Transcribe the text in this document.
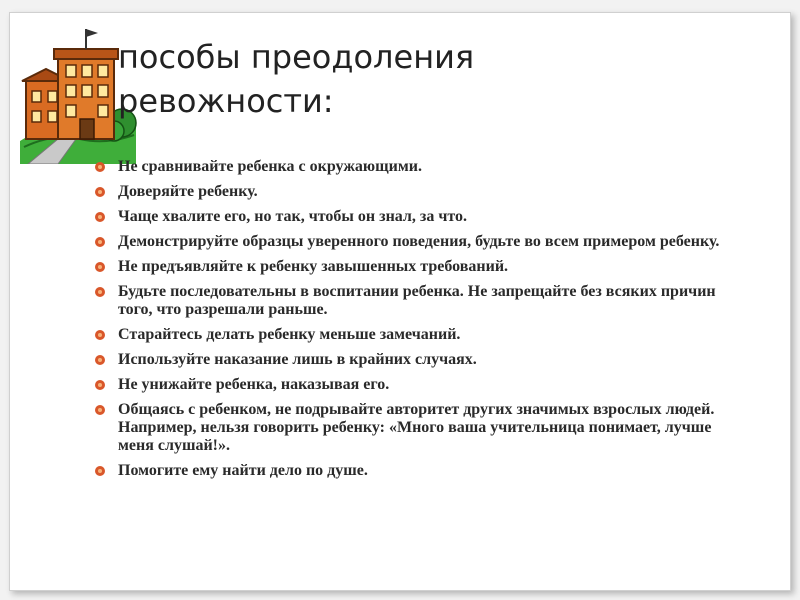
пособы преодоления
ревожности:
Не сравнивайте ребенка с окружающими.
Доверяйте ребенку.
Чаще хвалите его, но так, чтобы он знал, за что.
Демонстрируйте образцы уверенного поведения, будьте во всем примером ребенку.
Не предъявляйте к ребенку завышенных требований.
Будьте последовательны в воспитании ребенка. Не запрещайте без всяких причин того, что разрешали раньше.
Старайтесь делать ребенку меньше замечаний.
Используйте наказание лишь в крайних случаях.
Не унижайте ребенка, наказывая его.
Общаясь с ребенком, не подрывайте авторитет других значимых взрослых людей. Например, нельзя говорить ребенку: «Много ваша учительница понимает, лучше меня слушай!».
Помогите ему найти дело по душе.
